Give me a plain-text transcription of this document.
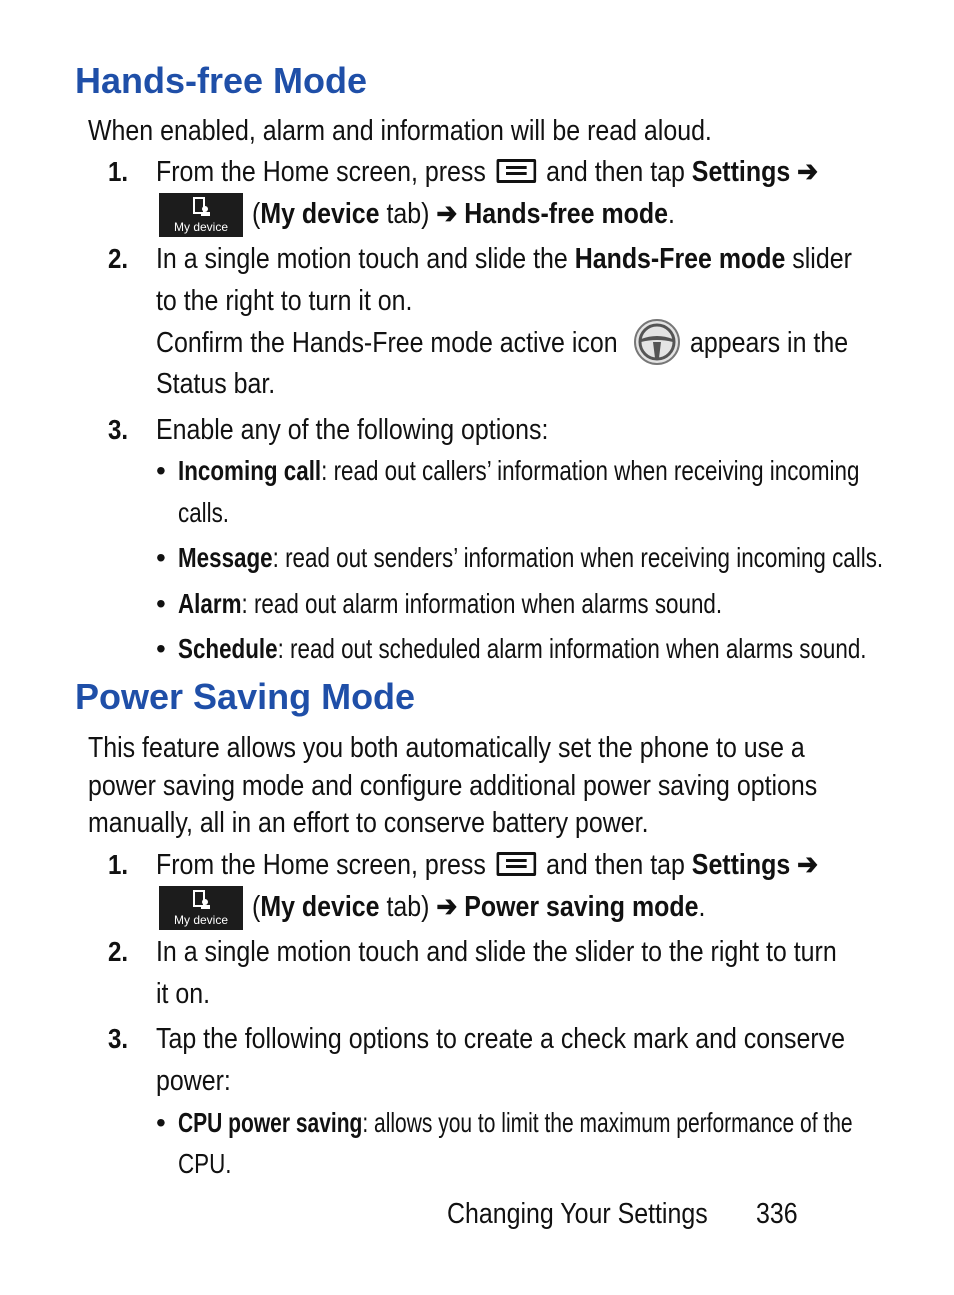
Hands-free Mode
When enabled, alarm and information will be read aloud.
1. From the Home screen, press and then tap Settings ➔
My device (My device tab) ➔ Hands-free mode.
2. In a single motion touch and slide the Hands-Free mode slider
to the right to turn it on.
Confirm the Hands-Free mode active icon	appears in the
Status bar.
3. Enable any of the following options:
• Incoming call: read out callers’ information when receiving incoming
calls.
• Message: read out senders’ information when receiving incoming calls.
• Alarm: read out alarm information when alarms sound.
• Schedule: read out scheduled alarm information when alarms sound.
Power Saving Mode
This feature allows you both automatically set the phone to use a
power saving mode and configure additional power saving options
manually, all in an effort to conserve battery power.
1. From the Home screen, press and then tap Settings ➔
My device (My device tab) ➔ Power saving mode.
2. In a single motion touch and slide the slider to the right to turn
it on.
3. Tap the following options to create a check mark and conserve
power:
• CPU power saving: allows you to limit the maximum performance of the
CPU.
Changing Your Settings	336
